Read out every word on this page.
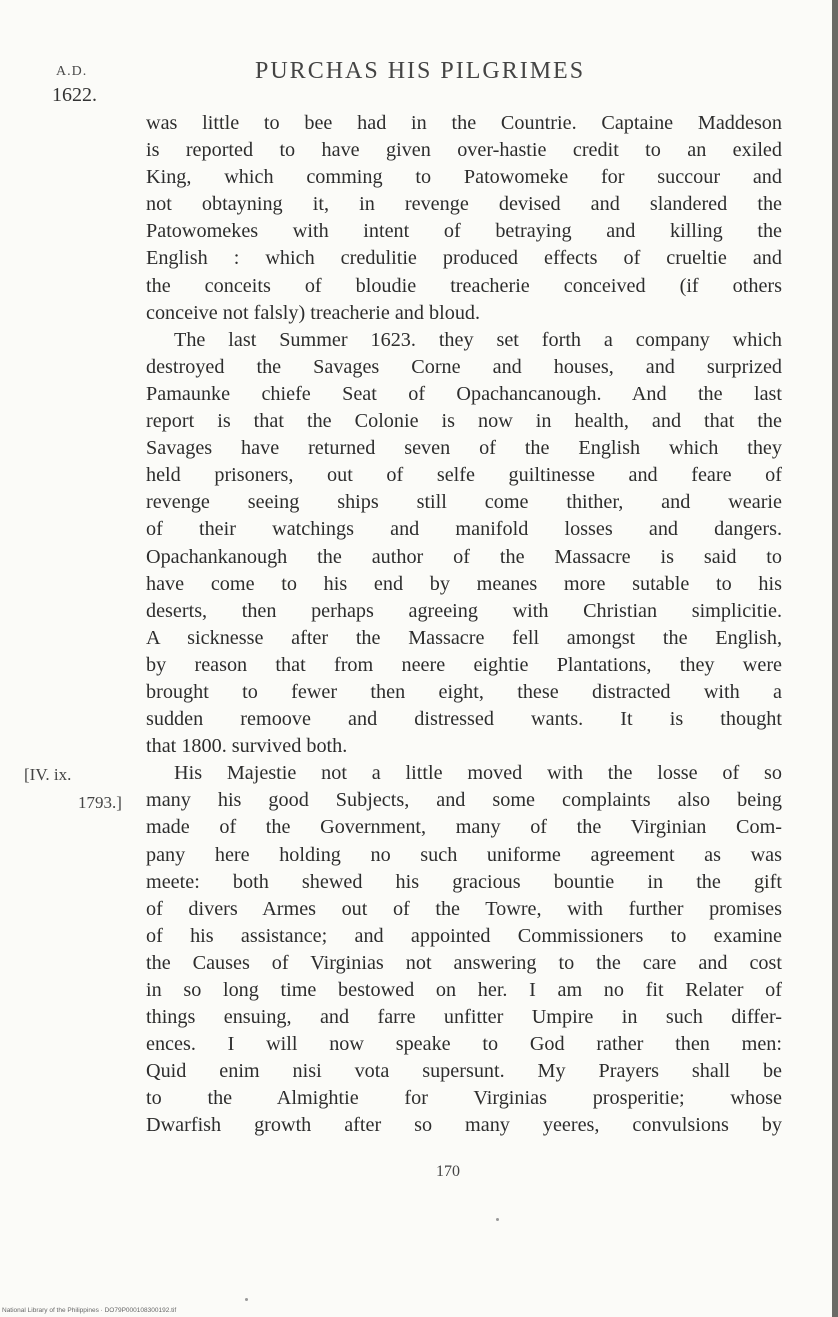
A.D.
1622.
PURCHAS HIS PILGRIMES
was little to bee had in the Countrie. Captaine Maddeson
is reported to have given over-hastie credit to an exiled
King, which comming to Patowomeke for succour and
not obtayning it, in revenge devised and slandered the
Patowomekes with intent of betraying and killing the
English : which credulitie produced effects of crueltie and
the conceits of bloudie treacherie conceived (if others
conceive not falsly) treacherie and bloud.
The last Summer 1623. they set forth a company which
destroyed the Savages Corne and houses, and surprized
Pamaunke chiefe Seat of Opachancanough. And the last
report is that the Colonie is now in health, and that the
Savages have returned seven of the English which they
held prisoners, out of selfe guiltinesse and feare of
revenge seeing ships still come thither, and wearie
of their watchings and manifold losses and dangers.
Opachankanough the author of the Massacre is said to
have come to his end by meanes more sutable to his
deserts, then perhaps agreeing with Christian simplicitie.
A sicknesse after the Massacre fell amongst the English,
by reason that from neere eightie Plantations, they were
brought to fewer then eight, these distracted with a
sudden remoove and distressed wants. It is thought
that 1800. survived both.
His Majestie not a little moved with the losse of so
many his good Subjects, and some complaints also being
made of the Government, many of the Virginian Com-
pany here holding no such uniforme agreement as was
meete: both shewed his gracious bountie in the gift
of divers Armes out of the Towre, with further promises
of his assistance; and appointed Commissioners to examine
the Causes of Virginias not answering to the care and cost
in so long time bestowed on her. I am no fit Relater of
things ensuing, and farre unfitter Umpire in such differ-
ences. I will now speake to God rather then men:
Quid enim nisi vota supersunt. My Prayers shall be
to the Almightie for Virginias prosperitie; whose
Dwarfish growth after so many yeeres, convulsions by
[IV. ix.
1793.]
170
National Library of the Philippines · DO79P000108300192.tif
